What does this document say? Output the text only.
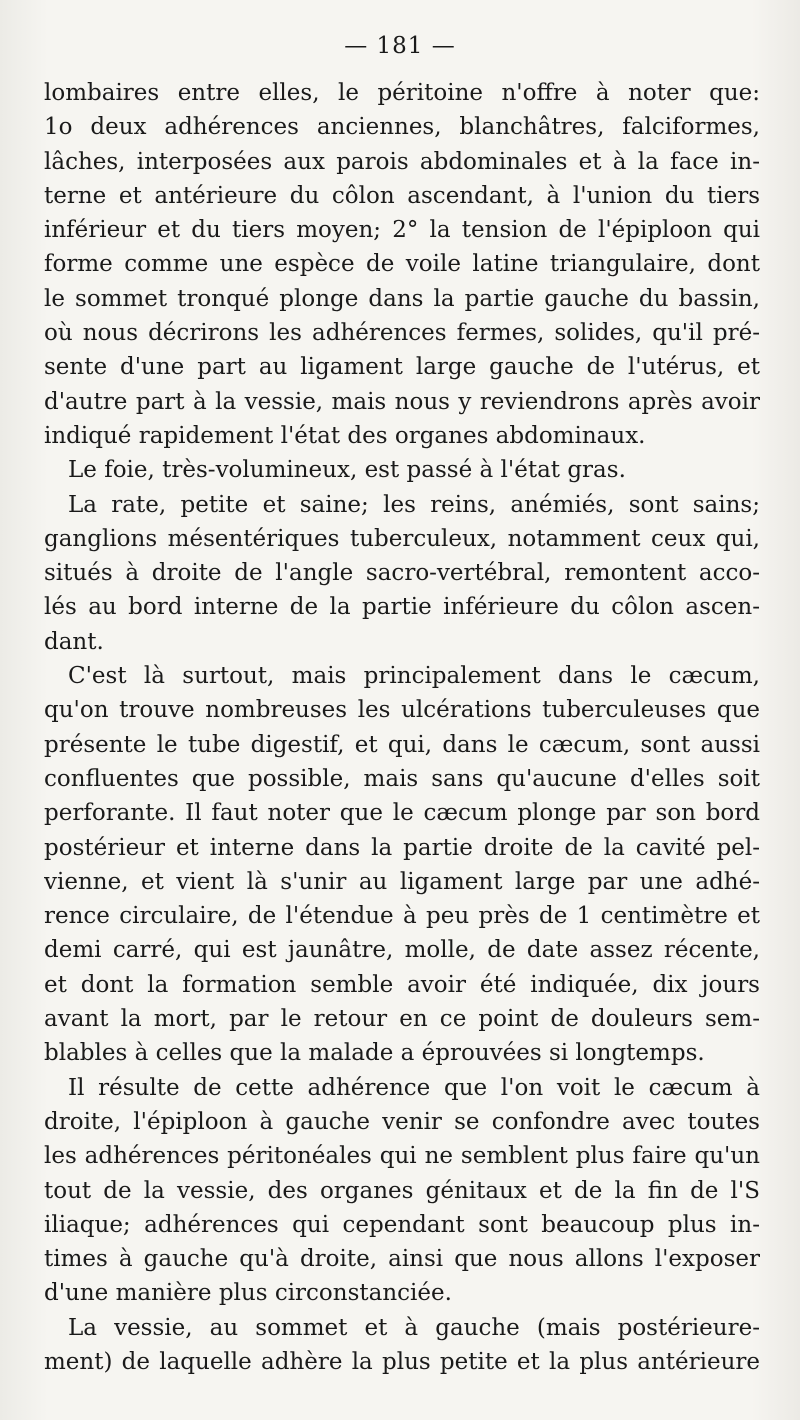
— 181 —
lombaires entre elles, le péritoine n'offre à noter que:
1o deux adhérences anciennes, blanchâtres, falciformes,
lâches, interposées aux parois abdominales et à la face in-
terne et antérieure du côlon ascendant, à l'union du tiers
inférieur et du tiers moyen; 2° la tension de l'épiploon qui
forme comme une espèce de voile latine triangulaire, dont
le sommet tronqué plonge dans la partie gauche du bassin,
où nous décrirons les adhérences fermes, solides, qu'il pré-
sente d'une part au ligament large gauche de l'utérus, et
d'autre part à la vessie, mais nous y reviendrons après avoir
indiqué rapidement l'état des organes abdominaux.
Le foie, très-volumineux, est passé à l'état gras.
La rate, petite et saine; les reins, anémiés, sont sains;
ganglions mésentériques tuberculeux, notamment ceux qui,
situés à droite de l'angle sacro-vertébral, remontent acco-
lés au bord interne de la partie inférieure du côlon ascen-
dant.
C'est là surtout, mais principalement dans le cæcum,
qu'on trouve nombreuses les ulcérations tuberculeuses que
présente le tube digestif, et qui, dans le cæcum, sont aussi
confluentes que possible, mais sans qu'aucune d'elles soit
perforante. Il faut noter que le cæcum plonge par son bord
postérieur et interne dans la partie droite de la cavité pel-
vienne, et vient là s'unir au ligament large par une adhé-
rence circulaire, de l'étendue à peu près de 1 centimètre et
demi carré, qui est jaunâtre, molle, de date assez récente,
et dont la formation semble avoir été indiquée, dix jours
avant la mort, par le retour en ce point de douleurs sem-
blables à celles que la malade a éprouvées si longtemps.
Il résulte de cette adhérence que l'on voit le cæcum à
droite, l'épiploon à gauche venir se confondre avec toutes
les adhérences péritonéales qui ne semblent plus faire qu'un
tout de la vessie, des organes génitaux et de la fin de l'S
iliaque; adhérences qui cependant sont beaucoup plus in-
times à gauche qu'à droite, ainsi que nous allons l'exposer
d'une manière plus circonstanciée.
La vessie, au sommet et à gauche (mais postérieure-
ment) de laquelle adhère la plus petite et la plus antérieure
